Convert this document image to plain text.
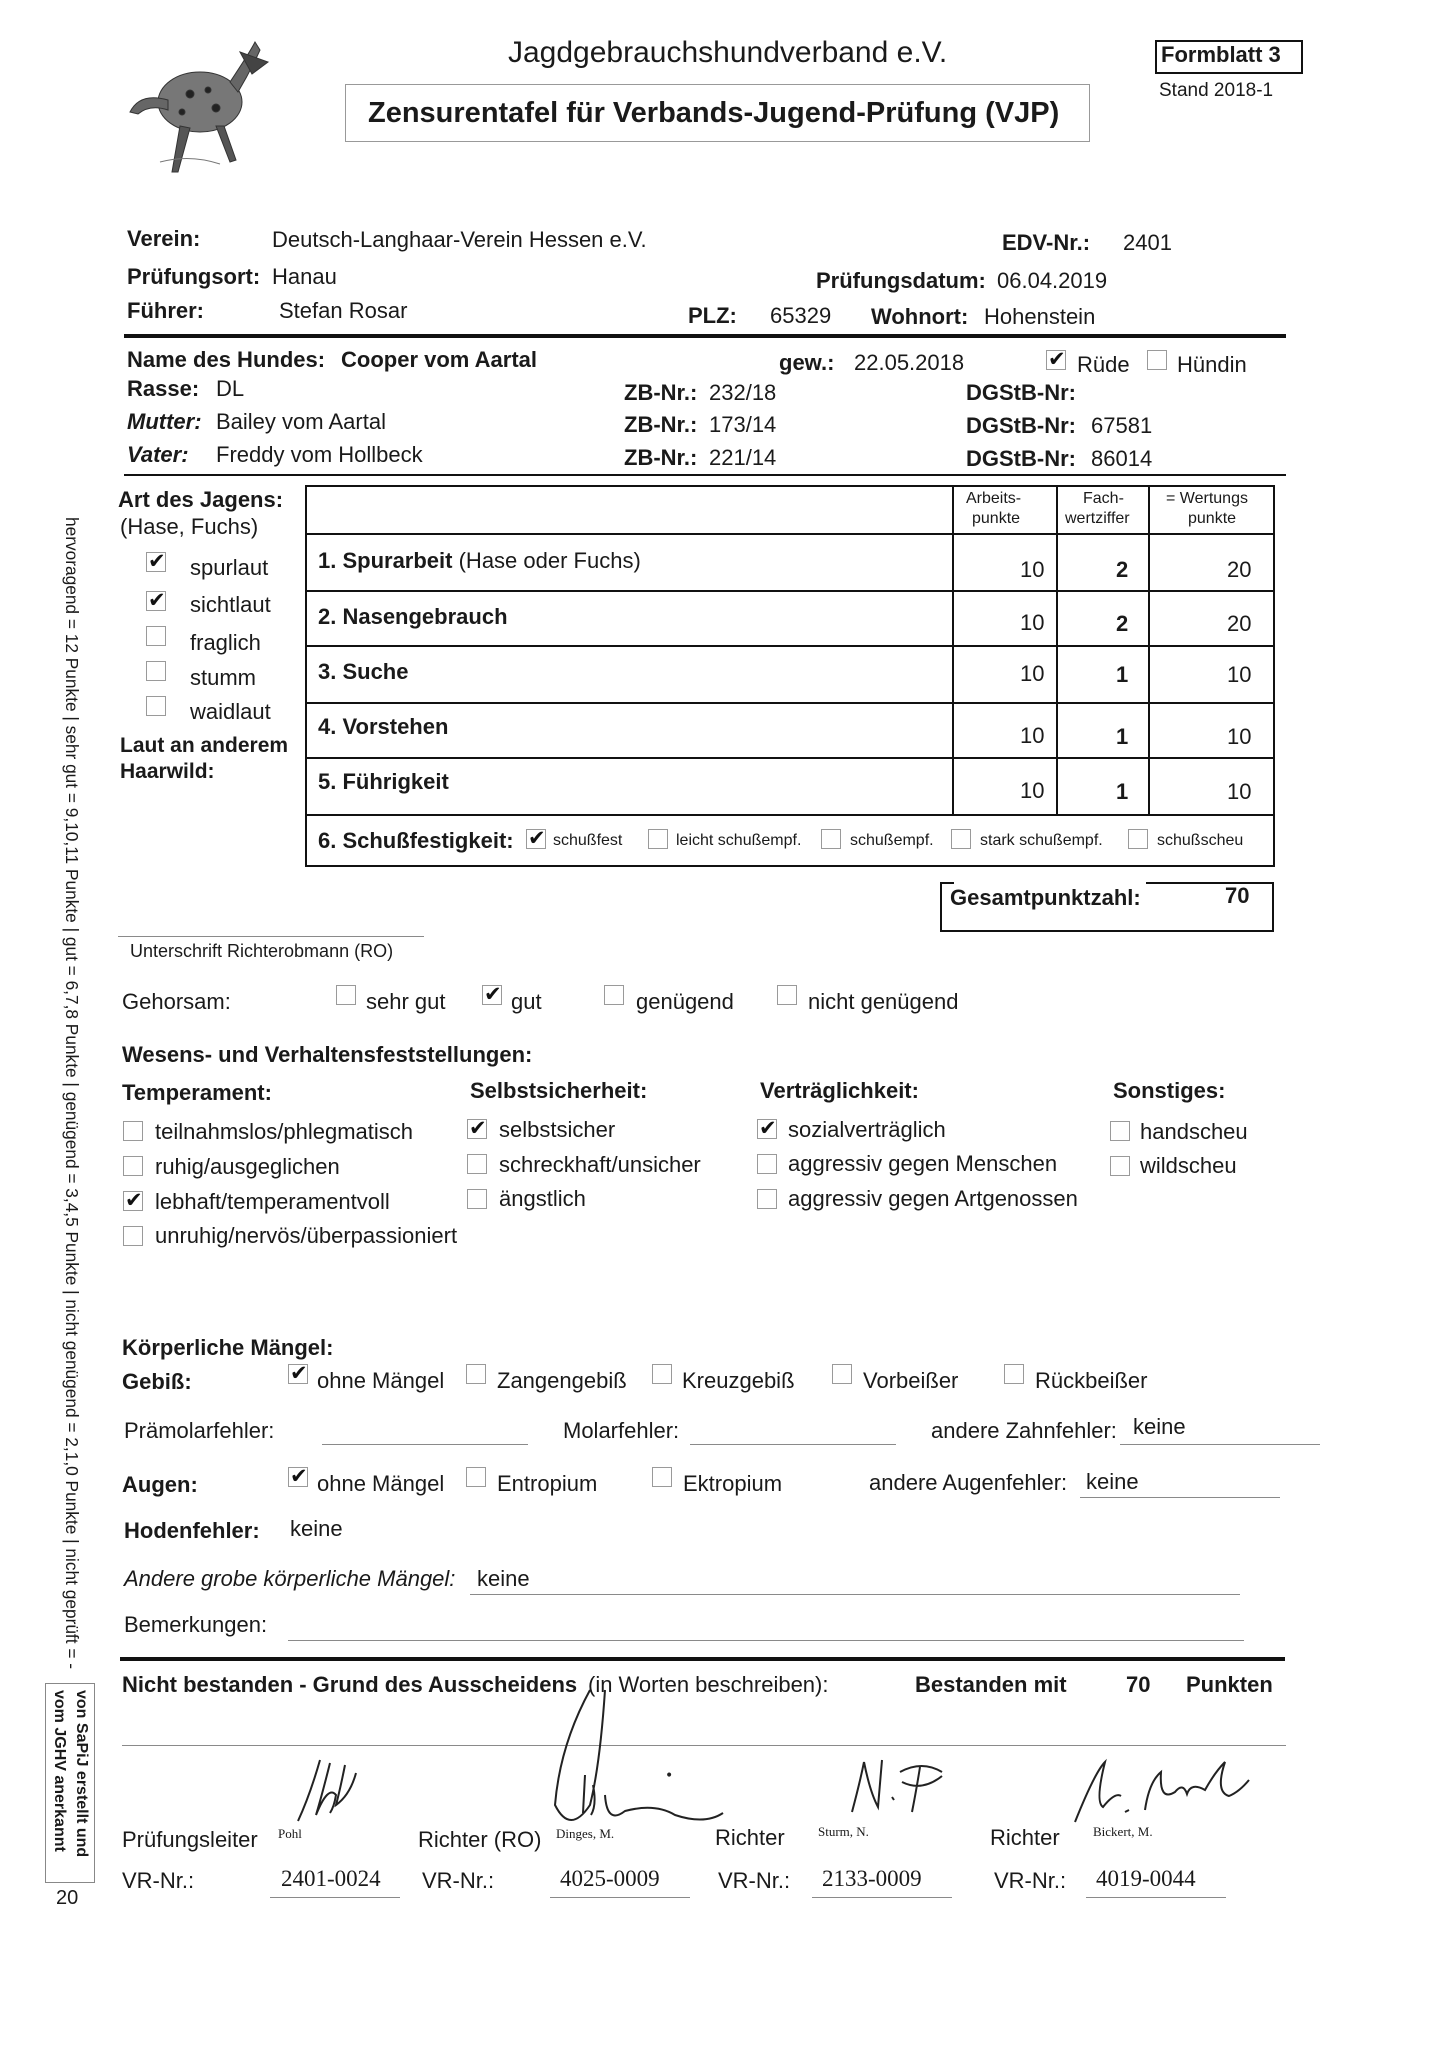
Jagdgebrauchshundverband e.V.
Zensurentafel für Verbands-Jugend-Prüfung (VJP)
Formblatt 3
Stand 2018-1
Verein:	Deutsch-Langhaar-Verein Hessen e.V.	EDV-Nr.: 2401
Prüfungsort: Hanau	Prüfungsdatum: 06.04.2019
Führer:	Stefan Rosar	PLZ: 65329 Wohnort: Hohenstein
Name des Hundes: Cooper vom Aartal	gew.: 22.05.2018 ✔	Rüde Hündin
Rasse: DL	ZB-Nr.: 232/18	DGStB-Nr:
Mutter: Bailey vom Aartal	ZB-Nr.: 173/14	DGStB-Nr: 67581
Vater: Freddy vom Hollbeck	ZB-Nr.: 221/14	DGStB-Nr: 86014
Art des Jagens:
(Hase, Fuchs)
✔
spurlaut
✔
sichtlaut
fraglich
stumm
waidlaut
Laut an anderem
Haarwild:
Arbeits-
punkte
Fach-
wertziffer
= Wertungs
punkte
1. Spurarbeit (Hase oder Fuchs)	10	2	20
2. Nasengebrauch	10	2	20
3. Suche	10	1	10
4. Vorstehen	10	1	10
5. Führigkeit	10	1	10
6. Schußfestigkeit: ✔ schußfest	leicht schußempf.	schußempf.	stark schußempf.	schußscheu
Gesamtpunktzahl:	70
Unterschrift Richterobmann (RO)
Gehorsam:	sehr gut ✔	gut	genügend	nicht genügend
Wesens- und Verhaltensfeststellungen:
Temperament:	Selbstsicherheit:	Verträglichkeit:	Sonstiges:
teilnahmslos/phlegmatisch
ruhig/ausgeglichen
✔
lebhaft/temperamentvoll
unruhig/nervös/überpassioniert
✔
selbstsicher
schreckhaft/unsicher
ängstlich
✔
sozialverträglich
aggressiv gegen Menschen
aggressiv gegen Artgenossen
handscheu
wildscheu
Körperliche Mängel:
Gebiß: ✔	ohne Mängel Zangengebiß	Kreuzgebiß	Vorbeißer	Rückbeißer
Prämolarfehler:	Molarfehler:	andere Zahnfehler: keine
Augen: ✔	ohne Mängel Entropium	Ektropium	andere Augenfehler: keine
Hodenfehler: keine
Andere grobe körperliche Mängel: keine
Bemerkungen:
Nicht bestanden - Grund des Ausscheidens (in Worten beschreiben):	Bestanden mit	70 Punkten
•
Prüfungsleiter Pohl
VR-Nr.:	2401-0024
Richter (RO) Dinges, M.
VR-Nr.:	4025-0009
Richter	Sturm, N.
VR-Nr.: 2133-0009
Richter	Bickert, M.
VR-Nr.: 4019-0044
hervoragend = 12 Punkte | sehr gut = 9,10,11 Punkte | gut = 6,7,8 Punkte | genügend = 3,4,5 Punkte | nicht genügend = 2,1,0 Punkte | nicht geprüft = -
von SaPiJ erstellt und
vom JGHV anerkannt
20
